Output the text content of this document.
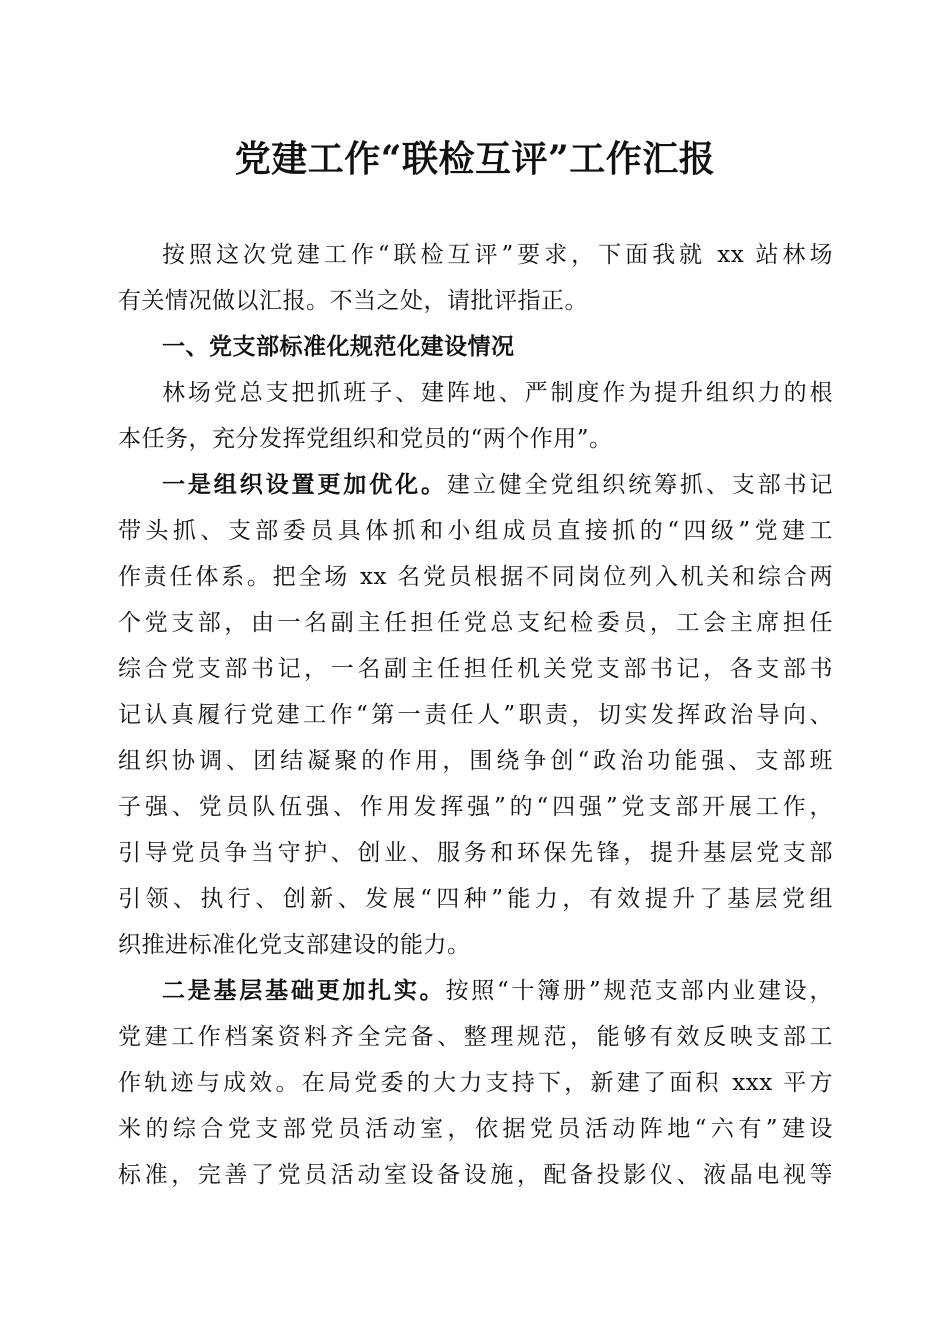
党建工作“联检互评”工作汇报
按照这次党建工作“联检互评”要求，下面我就 xx 站林场
有关情况做以汇报。不当之处，请批评指正。
一、党支部标准化规范化建设情况
林场党总支把抓班子、建阵地、严制度作为提升组织力的根
本任务，充分发挥党组织和党员的“两个作用”。
一是组织设置更加优化。建立健全党组织统筹抓、支部书记
带头抓、支部委员具体抓和小组成员直接抓的“四级”党建工
作责任体系。把全场 xx 名党员根据不同岗位列入机关和综合两
个党支部，由一名副主任担任党总支纪检委员，工会主席担任
综合党支部书记，一名副主任担任机关党支部书记，各支部书
记认真履行党建工作“第一责任人”职责，切实发挥政治导向、
组织协调、团结凝聚的作用，围绕争创“政治功能强、支部班
子强、党员队伍强、作用发挥强”的“四强”党支部开展工作，
引导党员争当守护、创业、服务和环保先锋，提升基层党支部
引领、执行、创新、发展“四种”能力，有效提升了基层党组
织推进标准化党支部建设的能力。
二是基层基础更加扎实。按照“十簿册”规范支部内业建设，
党建工作档案资料齐全完备、整理规范，能够有效反映支部工
作轨迹与成效。在局党委的大力支持下，新建了面积 xxx 平方
米的综合党支部党员活动室，依据党员活动阵地“六有”建设
标准，完善了党员活动室设备设施，配备投影仪、液晶电视等
